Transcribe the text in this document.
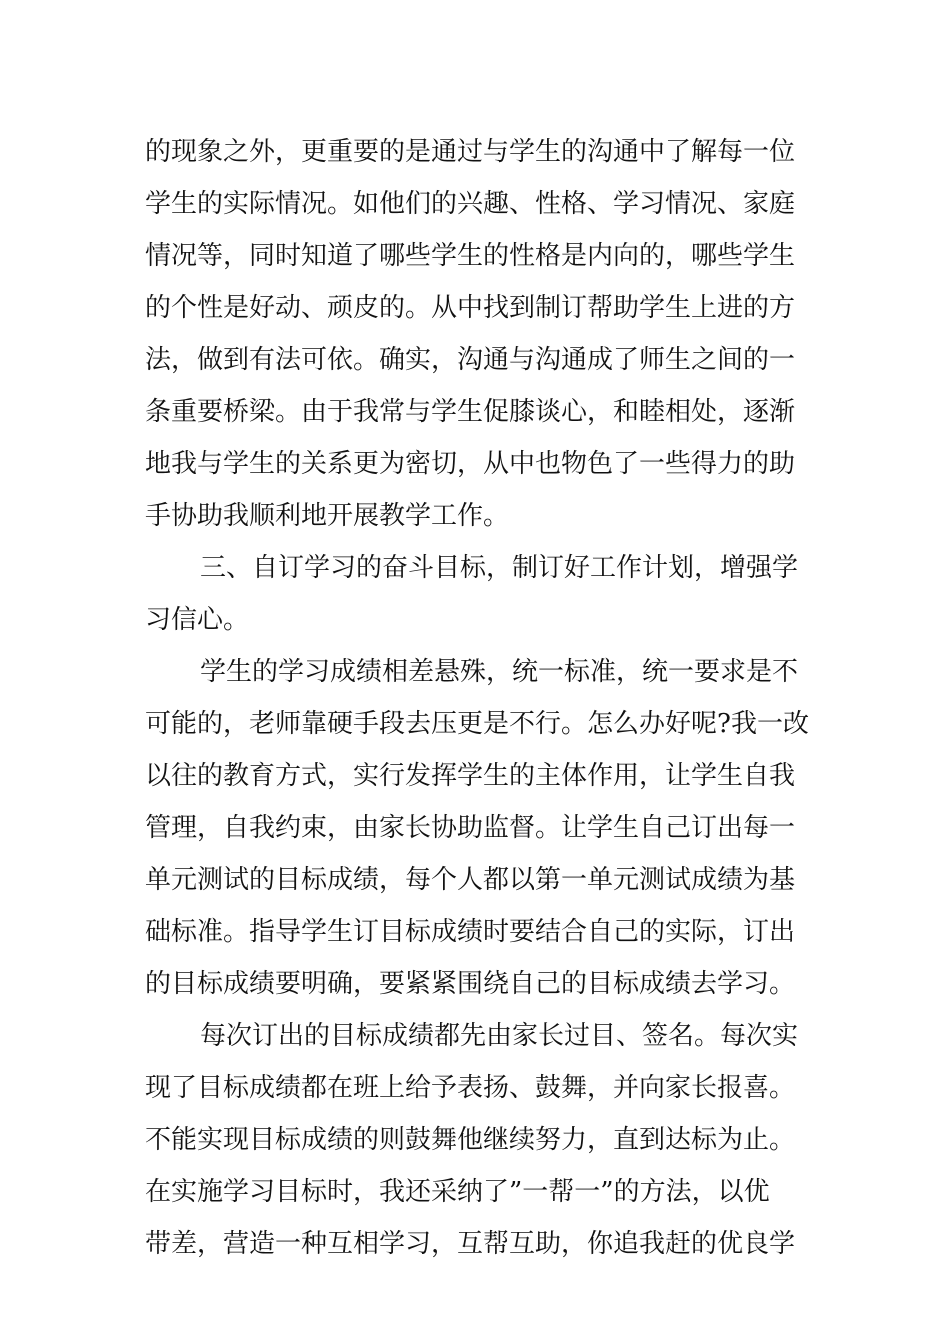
的现象之外，更重要的是通过与学生的沟通中了解每一位
学生的实际情况。如他们的兴趣、性格、学习情况、家庭
情况等，同时知道了哪些学生的性格是内向的，哪些学生
的个性是好动、顽皮的。从中找到制订帮助学生上进的方
法，做到有法可依。确实，沟通与沟通成了师生之间的一
条重要桥梁。由于我常与学生促膝谈心，和睦相处，逐渐
地我与学生的关系更为密切，从中也物色了一些得力的助
手协助我顺利地开展教学工作。
三、自订学习的奋斗目标，制订好工作计划，增强学
习信心。
学生的学习成绩相差悬殊，统一标准，统一要求是不
可能的，老师靠硬手段去压更是不行。怎么办好呢?我一改
以往的教育方式，实行发挥学生的主体作用，让学生自我
管理，自我约束，由家长协助监督。让学生自己订出每一
单元测试的目标成绩，每个人都以第一单元测试成绩为基
础标准。指导学生订目标成绩时要结合自己的实际，订出
的目标成绩要明确，要紧紧围绕自己的目标成绩去学习。
每次订出的目标成绩都先由家长过目、签名。每次实
现了目标成绩都在班上给予表扬、鼓舞，并向家长报喜。
不能实现目标成绩的则鼓舞他继续努力，直到达标为止。
在实施学习目标时，我还采纳了”一帮一”的方法，以优
带差，营造一种互相学习，互帮互助，你追我赶的优良学
